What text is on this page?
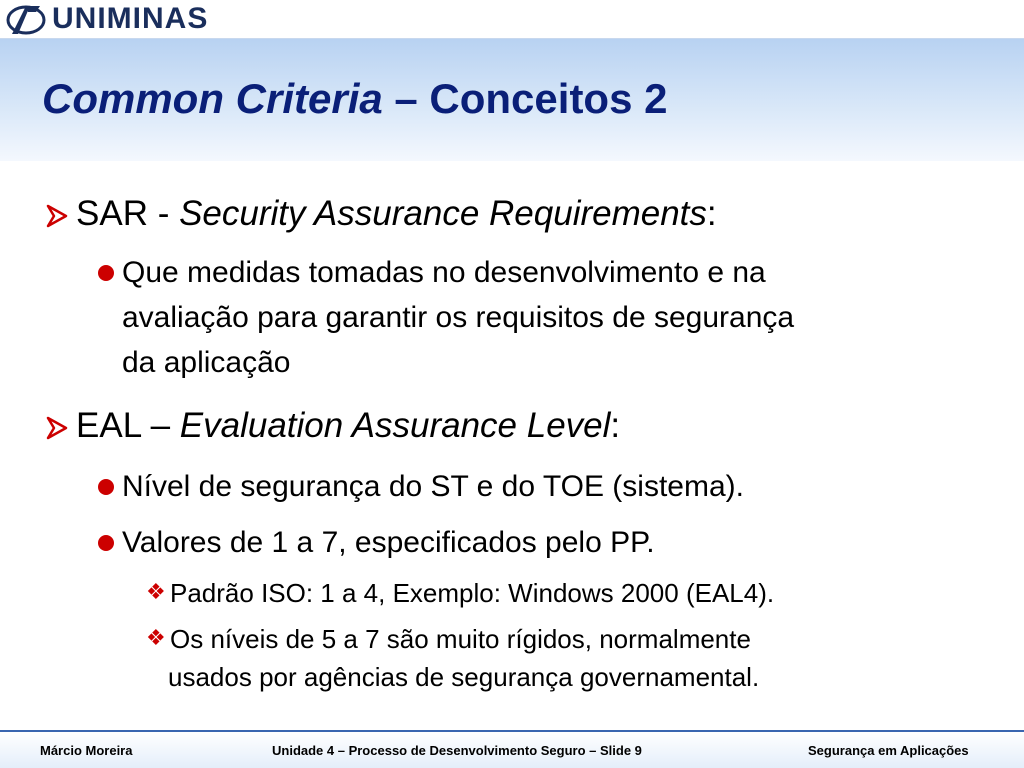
UNIMINAS
Common Criteria – Conceitos 2
SAR - Security Assurance Requirements:
Que medidas tomadas no desenvolvimento e na
avaliação para garantir os requisitos de segurança
da aplicação
EAL – Evaluation Assurance Level:
Nível de segurança do ST e do TOE (sistema).
Valores de 1 a 7, especificados pelo PP.
❖ Padrão ISO: 1 a 4, Exemplo: Windows 2000 (EAL4).
❖ Os níveis de 5 a 7 são muito rígidos, normalmente
usados por agências de segurança governamental.
Márcio Moreira	Unidade 4 – Processo de Desenvolvimento Seguro – Slide 9	Segurança em Aplicações
